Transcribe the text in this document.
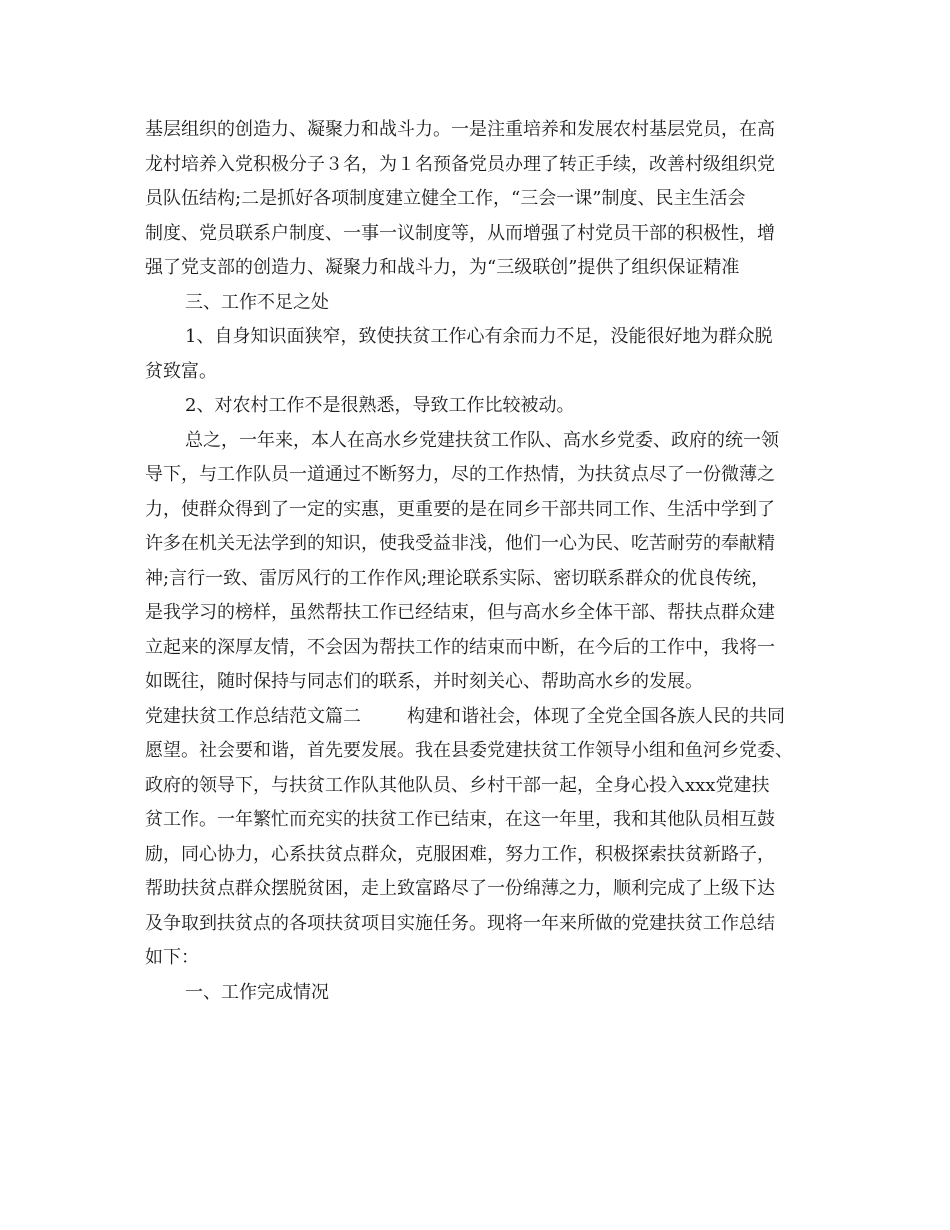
基层组织的创造力、凝聚力和战斗力。一是注重培养和发展农村基层党员，在高
龙村培养入党积极分子３名，为１名预备党员办理了转正手续，改善村级组织党
员队伍结构;二是抓好各项制度建立健全工作，“三会一课”制度、民主生活会
制度、党员联系户制度、一事一议制度等，从而增强了村党员干部的积极性，增
强了党支部的创造力、凝聚力和战斗力，为“三级联创”提供了组织保证精准
三、工作不足之处
1、自身知识面狭窄，致使扶贫工作心有余而力不足，没能很好地为群众脱
贫致富。
2、对农村工作不是很熟悉，导致工作比较被动。
总之，一年来，本人在高水乡党建扶贫工作队、高水乡党委、政府的统一领
导下，与工作队员一道通过不断努力，尽的工作热情，为扶贫点尽了一份微薄之
力，使群众得到了一定的实惠，更重要的是在同乡干部共同工作、生活中学到了
许多在机关无法学到的知识，使我受益非浅，他们一心为民、吃苦耐劳的奉献精
神;言行一致、雷厉风行的工作作风;理论联系实际、密切联系群众的优良传统，
是我学习的榜样，虽然帮扶工作已经结束，但与高水乡全体干部、帮扶点群众建
立起来的深厚友情，不会因为帮扶工作的结束而中断，在今后的工作中，我将一
如既往，随时保持与同志们的联系，并时刻关心、帮助高水乡的发展。
党建扶贫工作总结范文篇二	构建和谐社会，体现了全党全国各族人民的共同
愿望。社会要和谐，首先要发展。我在县委党建扶贫工作领导小组和鱼河乡党委、
政府的领导下，与扶贫工作队其他队员、乡村干部一起，全身心投入xxx党建扶
贫工作。一年繁忙而充实的扶贫工作已结束，在这一年里，我和其他队员相互鼓
励，同心协力，心系扶贫点群众，克服困难，努力工作，积极探索扶贫新路子，
帮助扶贫点群众摆脱贫困，走上致富路尽了一份绵薄之力，顺利完成了上级下达
及争取到扶贫点的各项扶贫项目实施任务。现将一年来所做的党建扶贫工作总结
如下：
一、工作完成情况
